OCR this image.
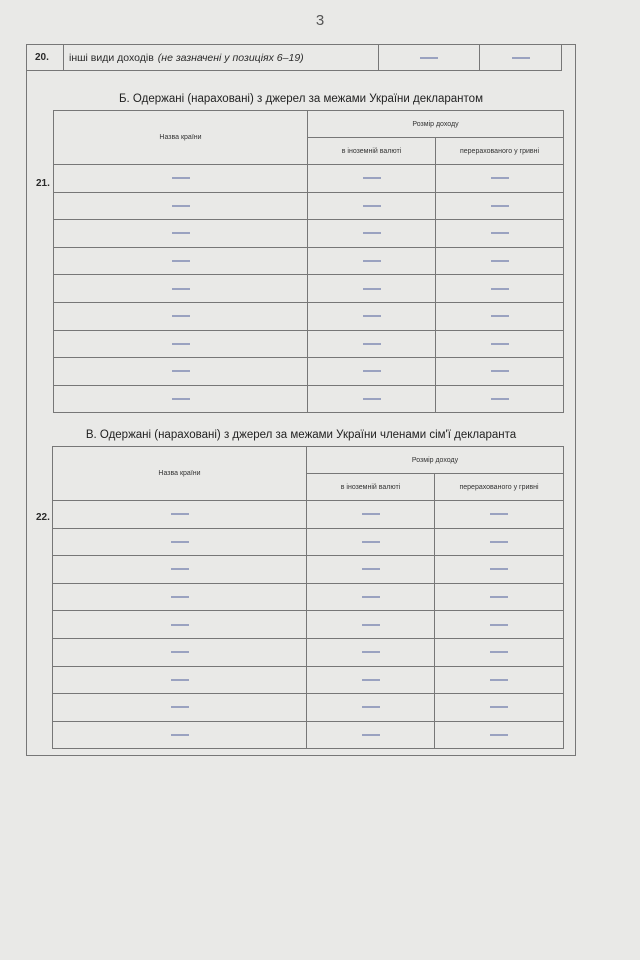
3
20.	інші види доходів (не зазначені у позиціях 6–19)
Б. Одержані (нараховані) з джерел за межами України декларантом
21.
Назва країни	Розмір доходу	
	в іноземній валюті	перерахованого у гривні

В. Одержані (нараховані) з джерел за межами України членами сім'ї декларанта
22.
Назва країни	Розмір доходу	
	в іноземній валюті	перерахованого у гривні
